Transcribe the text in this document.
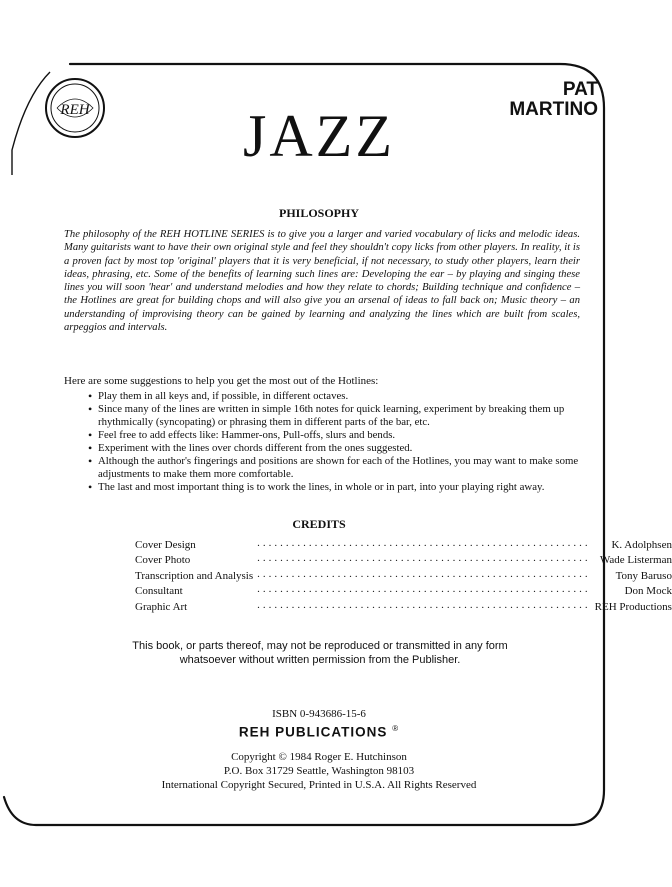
REH
PAT
MARTINO
JAZZ
PHILOSOPHY

The philosophy of the REH HOTLINE SERIES is to give you a larger and varied vocabulary of licks and melodic ideas. Many guitarists want to have their own original style and feel they shouldn't copy licks from other players. In reality, it is a proven fact by most top 'original' players that it is very beneficial, if not necessary, to study other players, learn their ideas, phrasing, etc. Some of the benefits of learning such lines are: Developing the ear – by playing and singing these lines you will soon 'hear' and understand melodies and how they relate to chords; Building technique and confidence – the Hotlines are great for building chops and will also give you an arsenal of ideas to fall back on; Music theory – an understanding of improvising theory can be gained by learning and analyzing the lines which are built from scales, arpeggios and intervals.

Here are some suggestions to help you get the most out of the Hotlines:
• Play them in all keys and, if possible, in different octaves.
• Since many of the lines are written in simple 16th notes for quick learning, experiment by breaking them up rhythmically (syncopating) or phrasing them in different parts of the bar, etc.
• Feel free to add effects like: Hammer-ons, Pull-offs, slurs and bends.
• Experiment with the lines over chords different from the ones suggested.
• Although the author's fingerings and positions are shown for each of the Hotlines, you may want to make some adjustments to make them more comfortable.
• The last and most important thing is to work the lines, in whole or in part, into your playing right away.
CREDITS
Cover Design	..........................................................	K. Adolphsen
Cover Photo	..........................................................	Wade Listerman
Transcription and Analysis	..........................................................	Tony Baruso
Consultant	..........................................................	Don Mock
Graphic Art	..........................................................	REH Productions

This book, or parts thereof, may not be reproduced or transmitted in any form whatsoever without written permission from the Publisher.

ISBN 0-943686-15-6
REH PUBLICATIONS ®
Copyright © 1984 Roger E. Hutchinson
P.O. Box 31729 Seattle, Washington 98103
International Copyright Secured, Printed in U.S.A. All Rights Reserved
